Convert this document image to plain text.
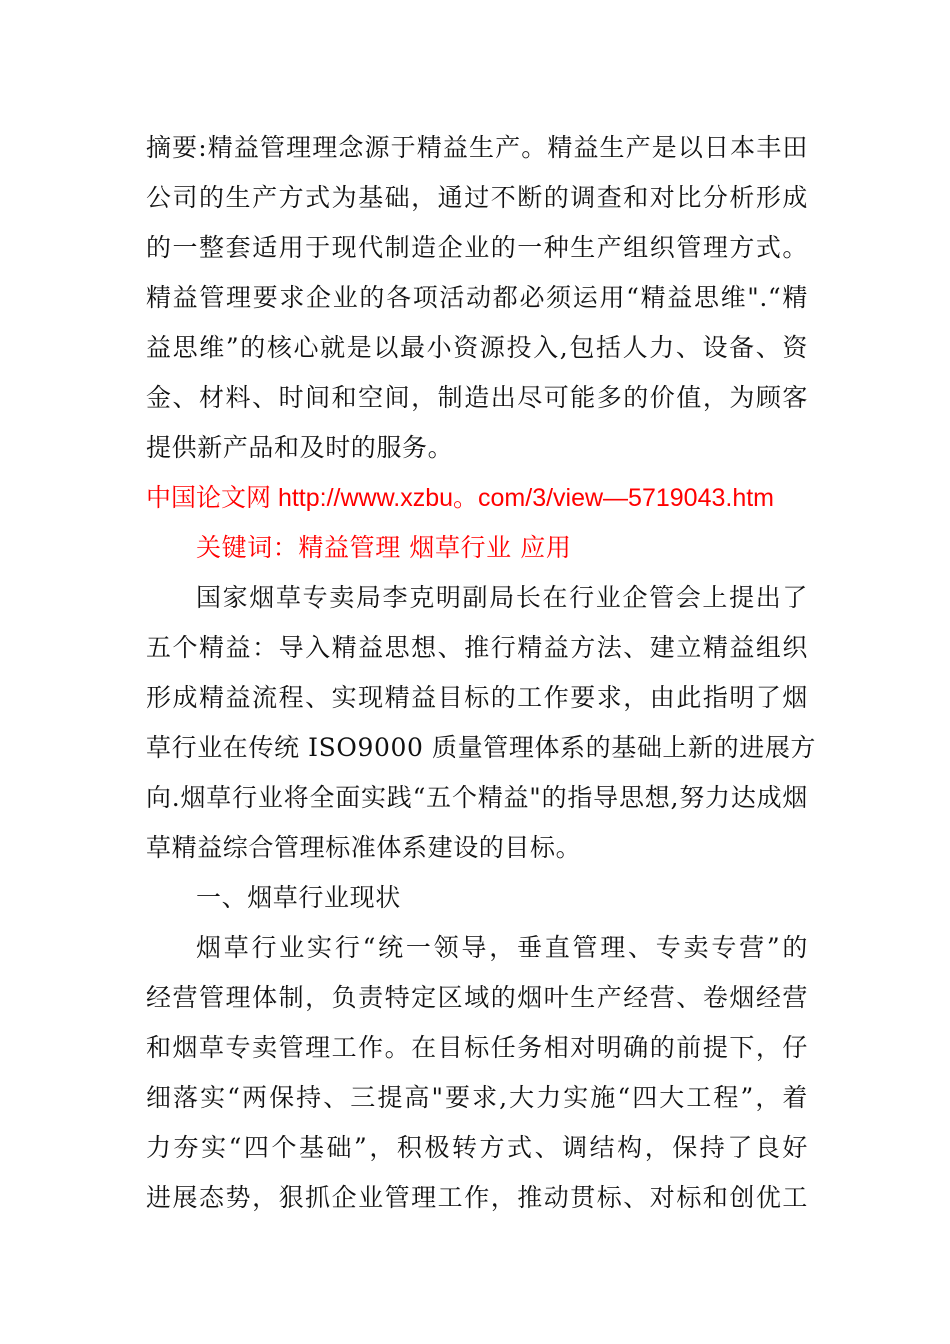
摘要:精益管理理念源于精益生产。精益生产是以日本丰田
公司的生产方式为基础，通过不断的调查和对比分析形成
的一整套适用于现代制造企业的一种生产组织管理方式。
精益管理要求企业的各项活动都必须运用“精益思维".“精
益思维”的核心就是以最小资源投入,包括人力、设备、资
金、材料、时间和空间，制造出尽可能多的价值，为顾客
提供新产品和及时的服务。
中国论文网 http://www.xzbu。com/3/view—5719043.htm
关键词：精益管理 烟草行业 应用
国家烟草专卖局李克明副局长在行业企管会上提出了
五个精益：导入精益思想、推行精益方法、建立精益组织
形成精益流程、实现精益目标的工作要求，由此指明了烟
草行业在传统 ISO9000 质量管理体系的基础上新的进展方
向.烟草行业将全面实践“五个精益"的指导思想,努力达成烟
草精益综合管理标准体系建设的目标。
一、烟草行业现状
烟草行业实行“统一领导，垂直管理、专卖专营”的
经营管理体制，负责特定区域的烟叶生产经营、卷烟经营
和烟草专卖管理工作。在目标任务相对明确的前提下，仔
细落实“两保持、三提高"要求,大力实施“四大工程”，着
力夯实“四个基础”，积极转方式、调结构，保持了良好
进展态势，狠抓企业管理工作，推动贯标、对标和创优工
